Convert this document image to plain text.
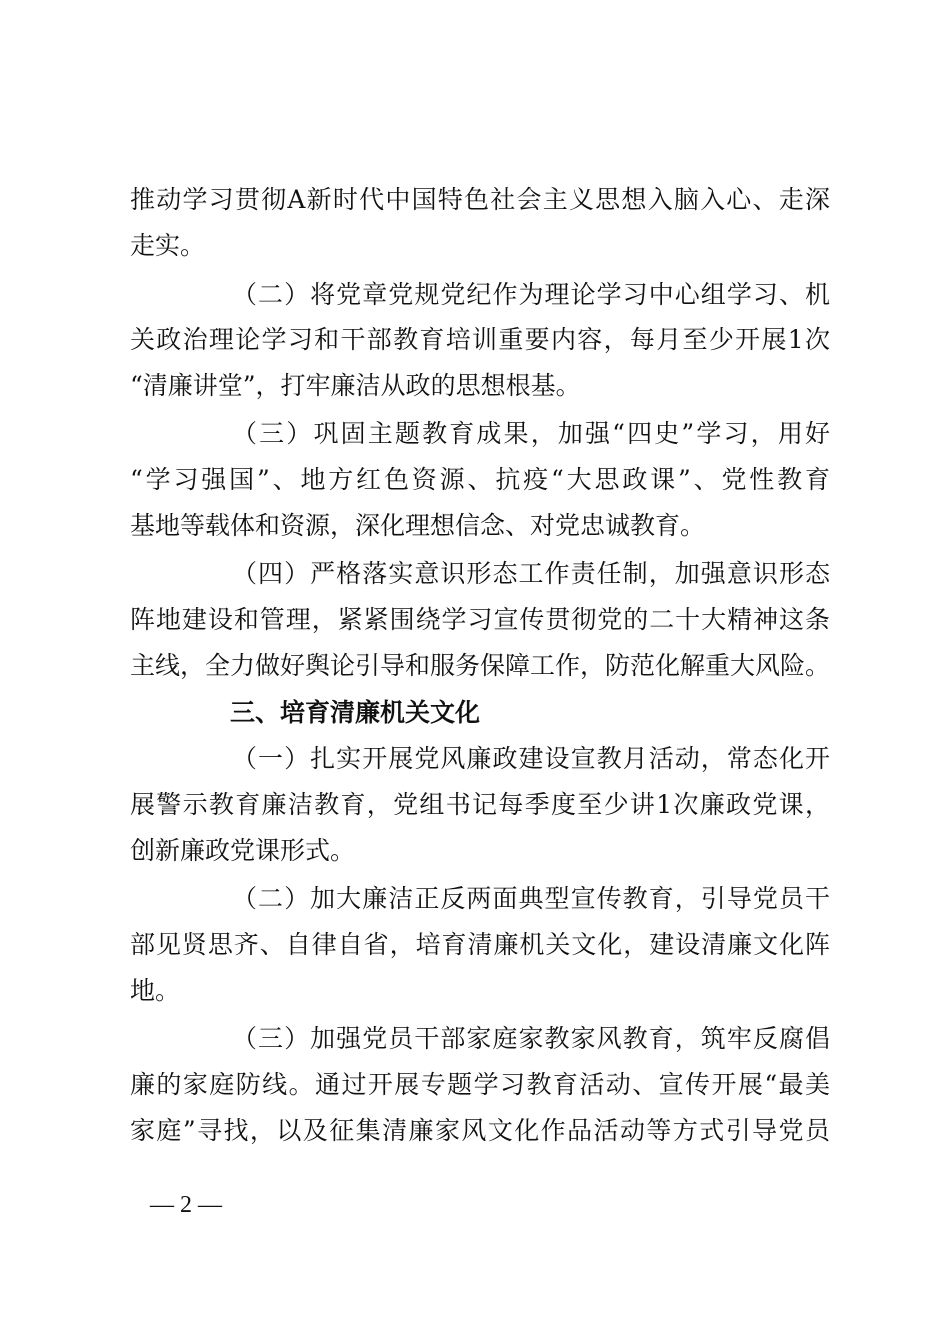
推动学习贯彻A新时代中国特色社会主义思想入脑入心、走深
走实。
（二）将党章党规党纪作为理论学习中心组学习、机
关政治理论学习和干部教育培训重要内容，每月至少开展1次
“清廉讲堂”，打牢廉洁从政的思想根基。
（三）巩固主题教育成果，加强“四史”学习，用好
“学习强国”、地方红色资源、抗疫“大思政课”、党性教育
基地等载体和资源，深化理想信念、对党忠诚教育。
（四）严格落实意识形态工作责任制，加强意识形态
阵地建设和管理，紧紧围绕学习宣传贯彻党的二十大精神这条
主线，全力做好舆论引导和服务保障工作，防范化解重大风险。
三、培育清廉机关文化
（一）扎实开展党风廉政建设宣教月活动，常态化开
展警示教育廉洁教育，党组书记每季度至少讲1次廉政党课，
创新廉政党课形式。
（二）加大廉洁正反两面典型宣传教育，引导党员干
部见贤思齐、自律自省，培育清廉机关文化，建设清廉文化阵
地。
（三）加强党员干部家庭家教家风教育，筑牢反腐倡
廉的家庭防线。通过开展专题学习教育活动、宣传开展“最美
家庭”寻找，以及征集清廉家风文化作品活动等方式引导党员
— 2 —
